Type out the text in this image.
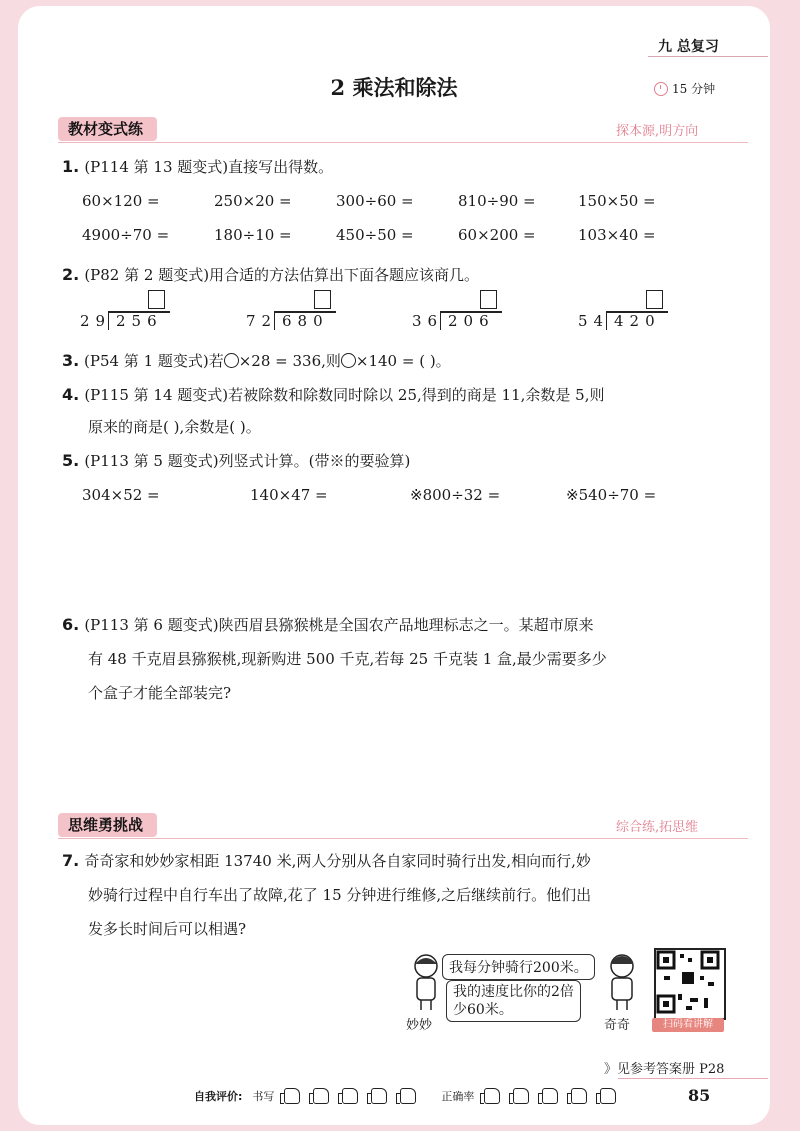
九 总复习
2 乘法和除法	15 分钟
教材变式练	探本源,明方向
1. (P114 第 13 题变式)直接写出得数。
60×120 =	250×20 =	300÷60 =	810÷90 =	150×50 =
4900÷70 =	180÷10 =	450÷50 =	60×200 =	103×40 =
2. (P82 第 2 题变式)用合适的方法估算出下面各题应该商几。
29 256	72 680	36 206	54 420
3. (P54 第 1 题变式)若 ×28 = 336,则 ×140 = ( )。
4. (P115 第 14 题变式)若被除数和除数同时除以 25,得到的商是 11,余数是 5,则
原来的商是( ),余数是( )。
5. (P113 第 5 题变式)列竖式计算。(带※的要验算)
304×52 =	140×47 =	※800÷32 =	※540÷70 =
6. (P113 第 6 题变式)陕西眉县猕猴桃是全国农产品地理标志之一。某超市原来
有 48 千克眉县猕猴桃,现新购进 500 千克,若每 25 千克装 1 盒,最少需要多少
个盒子才能全部装完?
思维勇挑战	综合练,拓思维
7. 奇奇家和妙妙家相距 13740 米,两人分别从各自家同时骑行出发,相向而行,妙
妙骑行过程中自行车出了故障,花了 15 分钟进行维修,之后继续前行。他们出
发多长时间后可以相遇?
妙妙
我每分钟骑行200米。
我的速度比你的2倍
少60米。
奇奇	扫码看讲解
》见参考答案册 P28
自我评价: 书写	正确率	85
